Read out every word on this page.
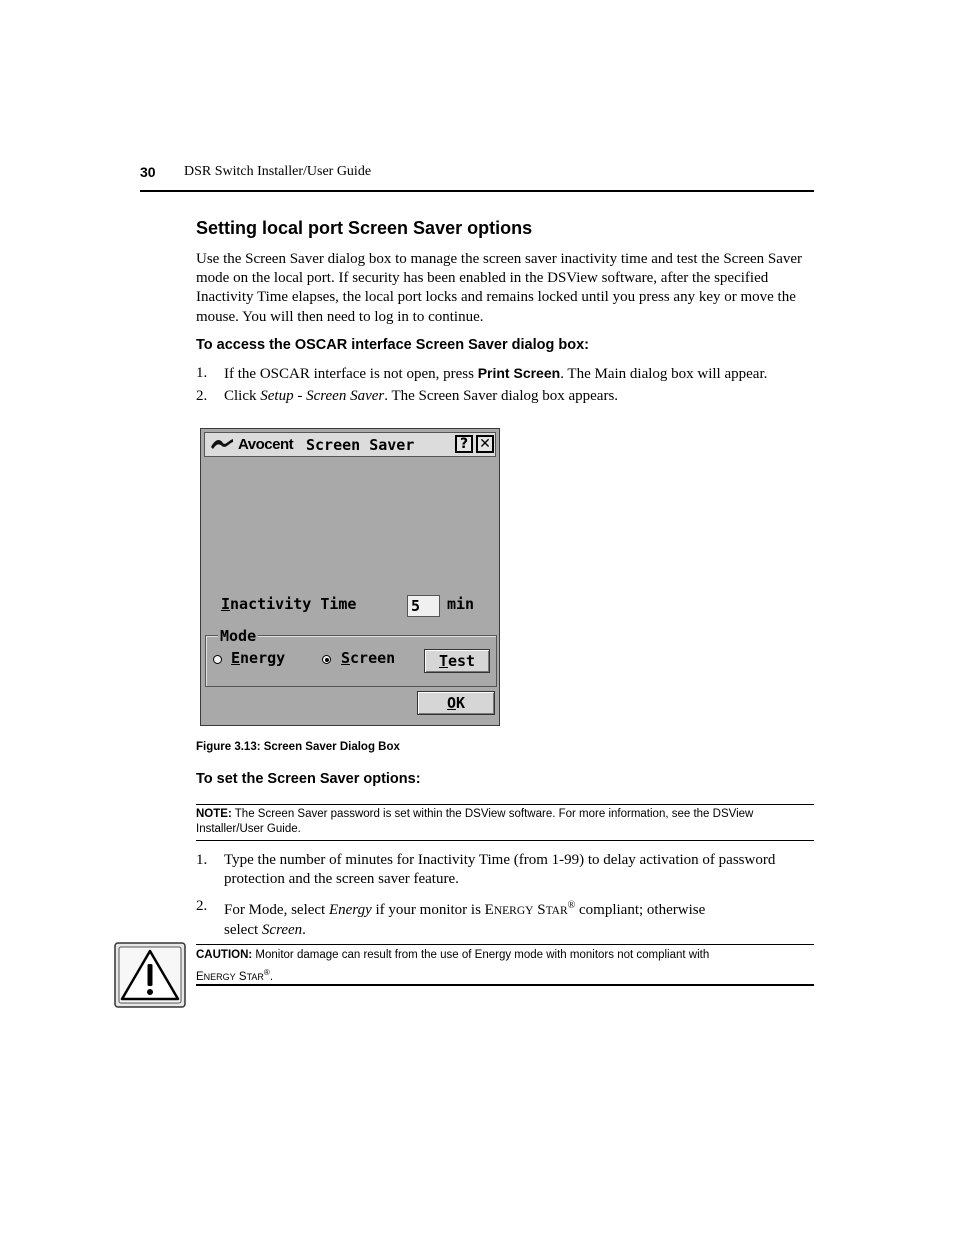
30 DSR Switch Installer/User Guide
Setting local port Screen Saver options
Use the Screen Saver dialog box to manage the screen saver inactivity time and test the Screen Saver mode on the local port. If security has been enabled in the DSView software, after the specified Inactivity Time elapses, the local port locks and remains locked until you press any key or move the mouse. You will then need to log in to continue.
To access the OSCAR interface Screen Saver dialog box:
1. If the OSCAR interface is not open, press Print Screen. The Main dialog box will appear.
2. Click Setup - Screen Saver. The Screen Saver dialog box appears.
Avocent Screen Saver	? ✕
Inactivity Time	5	min
Mode
Energy	Screen	Test
OK
Figure 3.13: Screen Saver Dialog Box
To set the Screen Saver options:
NOTE: The Screen Saver password is set within the DSView software. For more information, see the DSView Installer/User Guide.
1. Type the number of minutes for Inactivity Time (from 1-99) to delay activation of password protection and the screen saver feature.
2. For Mode, select Energy if your monitor is ENERGY STAR® compliant; otherwise
select Screen.
CAUTION: Monitor damage can result from the use of Energy mode with monitors not compliant with
ENERGY STAR®.
